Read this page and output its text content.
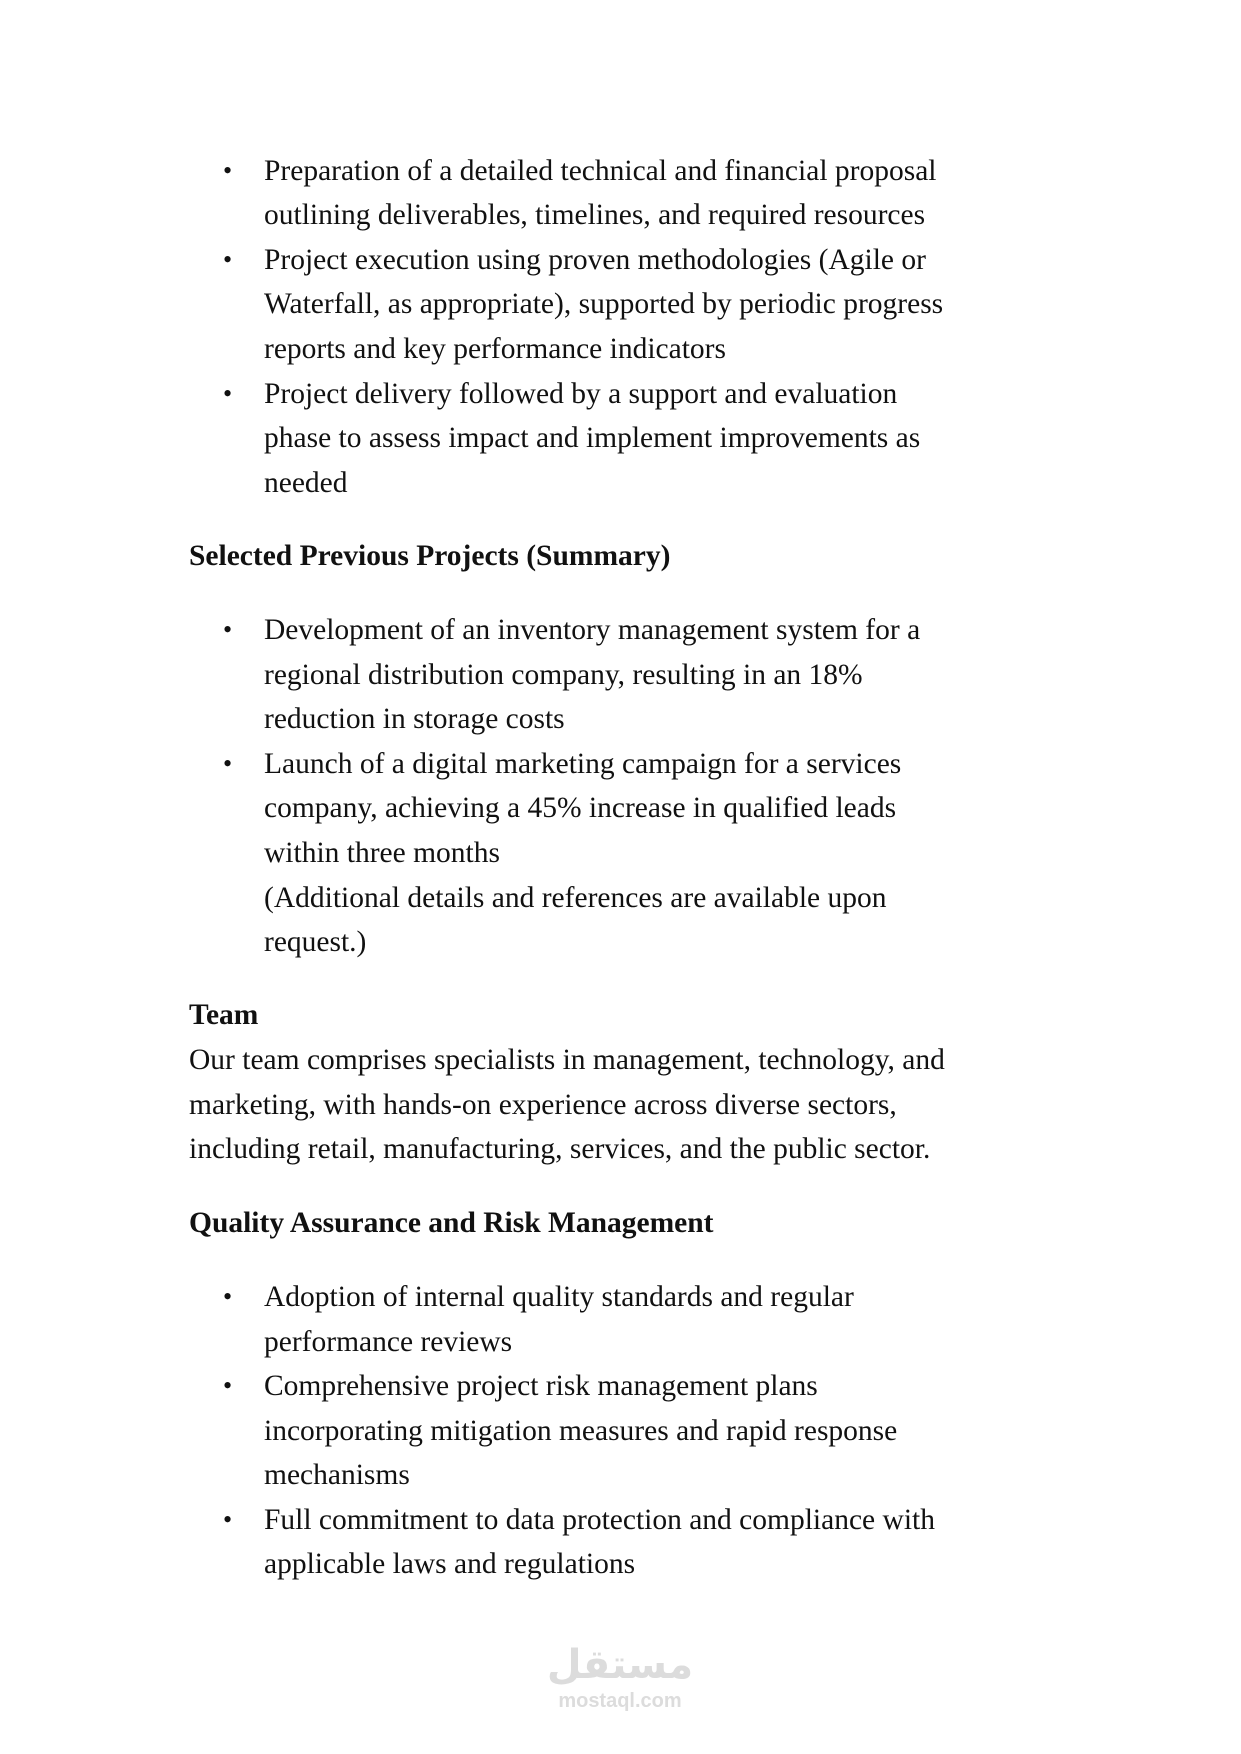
• Preparation of a detailed technical and financial proposal
outlining deliverables, timelines, and required resources
• Project execution using proven methodologies (Agile or
Waterfall, as appropriate), supported by periodic progress
reports and key performance indicators
• Project delivery followed by a support and evaluation
phase to assess impact and implement improvements as
needed
Selected Previous Projects (Summary)
• Development of an inventory management system for a
regional distribution company, resulting in an 18%
reduction in storage costs
• Launch of a digital marketing campaign for a services
company, achieving a 45% increase in qualified leads
within three months
(Additional details and references are available upon
request.)
Team
Our team comprises specialists in management, technology, and
marketing, with hands-on experience across diverse sectors,
including retail, manufacturing, services, and the public sector.
Quality Assurance and Risk Management
• Adoption of internal quality standards and regular
performance reviews
• Comprehensive project risk management plans
incorporating mitigation measures and rapid response
mechanisms
• Full commitment to data protection and compliance with
applicable laws and regulations
مستقل
mostaql.com
